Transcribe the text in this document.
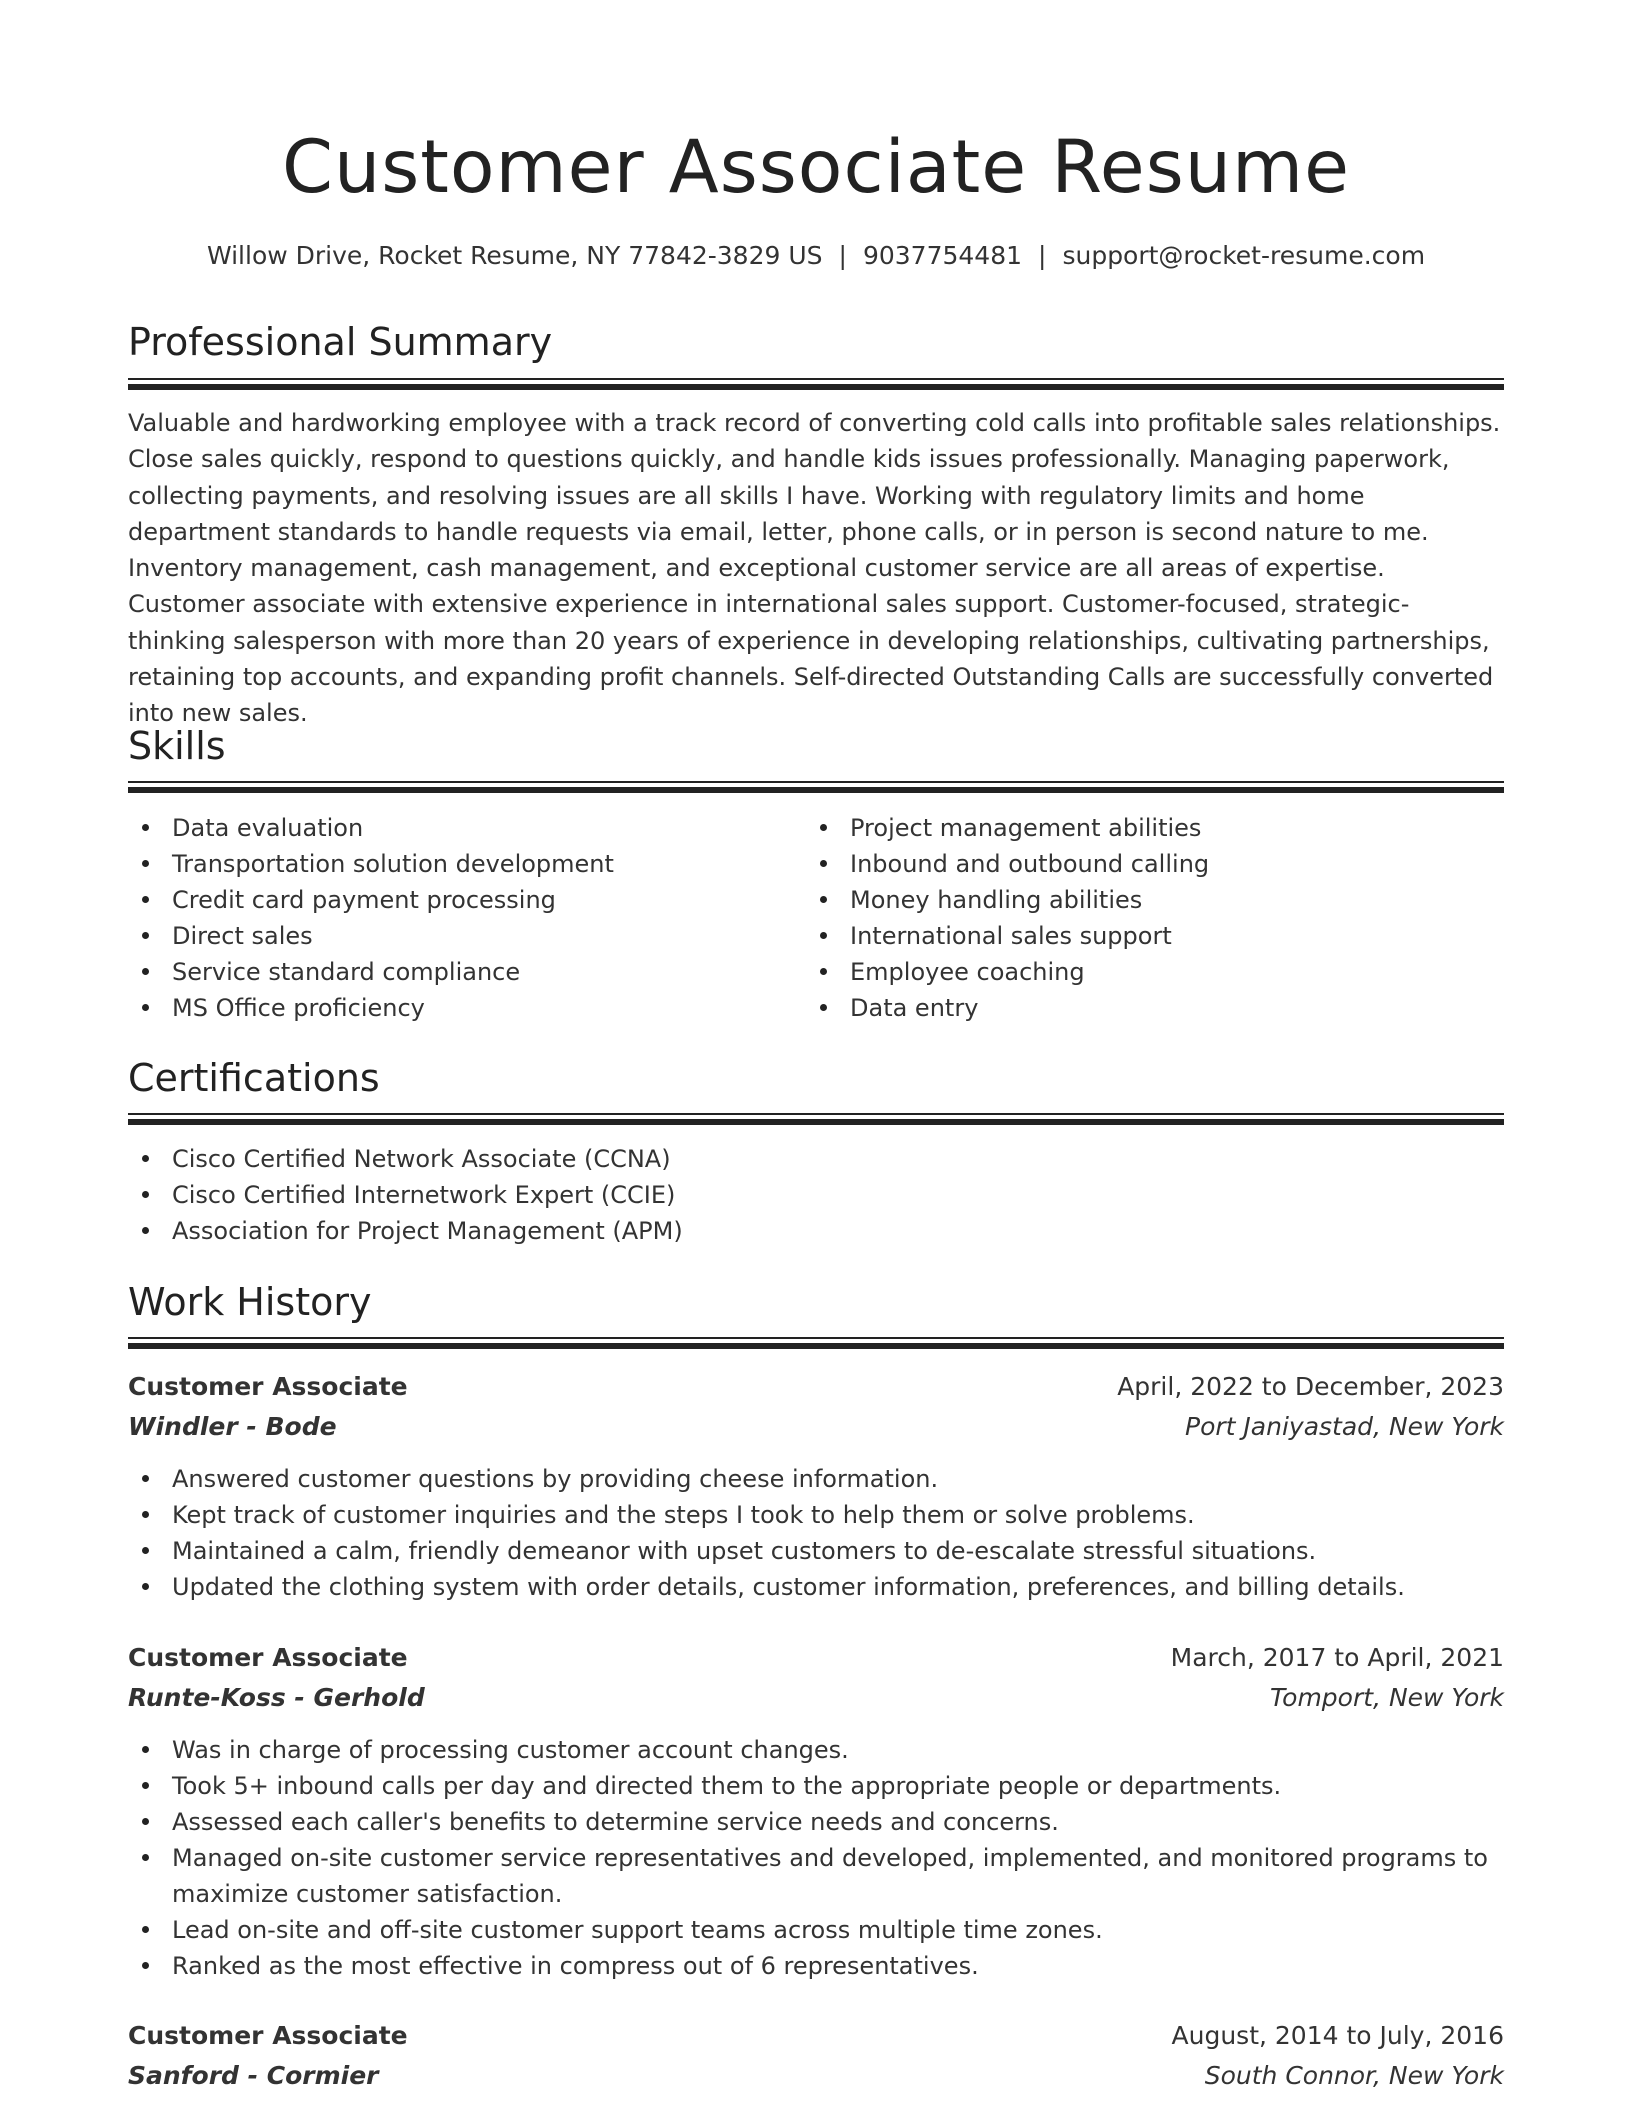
Customer Associate Resume
Willow Drive, Rocket Resume, NY 77842-3829 US | 9037754481 | support@rocket-resume.com
Professional Summary

Valuable and hardworking employee with a track record of converting cold calls into profitable sales relationships. Close sales quickly, respond to questions quickly, and handle kids issues professionally. Managing paperwork, collecting payments, and resolving issues are all skills I have. Working with regulatory limits and home department standards to handle requests via email, letter, phone calls, or in person is second nature to me. Inventory management, cash management, and exceptional customer service are all areas of expertise. Customer associate with extensive experience in international sales support. Customer-focused, strategic-thinking salesperson with more than 20 years of experience in developing relationships, cultivating partnerships, retaining top accounts, and expanding profit channels. Self-directed Outstanding Calls are successfully converted into new sales.

Skills
Data evaluation
Transportation solution development
Credit card payment processing
Direct sales
Service standard compliance
MS Office proficiency
Project management abilities
Inbound and outbound calling
Money handling abilities
International sales support
Employee coaching
Data entry
Certifications
Cisco Certified Network Associate (CCNA)
Cisco Certified Internetwork Expert (CCIE)
Association for Project Management (APM)
Work History
Customer Associate	April, 2022 to December, 2023
Windler - Bode	Port Janiyastad, New York
Answered customer questions by providing cheese information.
Kept track of customer inquiries and the steps I took to help them or solve problems.
Maintained a calm, friendly demeanor with upset customers to de-escalate stressful situations.
Updated the clothing system with order details, customer information, preferences, and billing details.
Customer Associate	March, 2017 to April, 2021
Runte-Koss - Gerhold	Tomport, New York
Was in charge of processing customer account changes.
Took 5+ inbound calls per day and directed them to the appropriate people or departments.
Assessed each caller's benefits to determine service needs and concerns.
Managed on-site customer service representatives and developed, implemented, and monitored programs to maximize customer satisfaction.
Lead on-site and off-site customer support teams across multiple time zones.
Ranked as the most effective in compress out of 6 representatives.
Customer Associate	August, 2014 to July, 2016
Sanford - Cormier	South Connor, New York
